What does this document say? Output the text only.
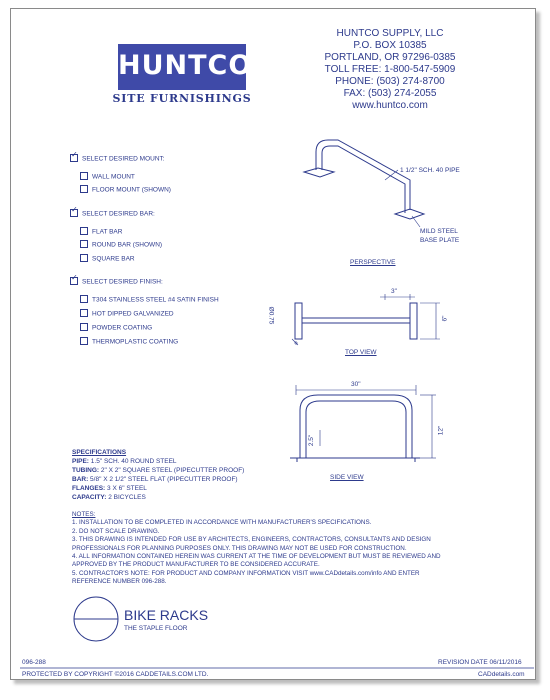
HUNTCO
SITE FURNISHINGS
HUNTCO SUPPLY, LLC
P.O. BOX 10385
PORTLAND, OR 97296-0385
TOLL FREE: 1-800-547-5909
PHONE: (503) 274-8700
FAX: (503) 274-2055
www.huntco.com
✓SELECT DESIRED MOUNT:
WALL MOUNT
FLOOR MOUNT (SHOWN)
✓SELECT DESIRED BAR:
FLAT BAR
ROUND BAR (SHOWN)
SQUARE BAR
✓SELECT DESIRED FINISH:
T304 STAINLESS STEEL #4 SATIN FINISH
HOT DIPPED GALVANIZED
POWDER COATING
THERMOPLASTIC COATING
PERSPECTIVE
1 1/2" SCH. 40 PIPE
MILD STEEL
BASE PLATE
TOP VIEW
3"
6"
Ø0.75
SIDE VIEW
30"
12"
2.5"
SPECIFICATIONS
PIPE: 1.5" SCH. 40 ROUND STEEL
TUBING: 2" X 2" SQUARE STEEL (PIPECUTTER PROOF)
BAR: 5/8" X 2 1/2" STEEL FLAT (PIPECUTTER PROOF)
FLANGES: 3 X 6" STEEL
CAPACITY: 2 BICYCLES
NOTES:
1. INSTALLATION TO BE COMPLETED IN ACCORDANCE WITH MANUFACTURER'S SPECIFICATIONS.
2. DO NOT SCALE DRAWING.
3. THIS DRAWING IS INTENDED FOR USE BY ARCHITECTS, ENGINEERS, CONTRACTORS, CONSULTANTS AND DESIGN
PROFESSIONALS FOR PLANNING PURPOSES ONLY. THIS DRAWING MAY NOT BE USED FOR CONSTRUCTION.
4. ALL INFORMATION CONTAINED HEREIN WAS CURRENT AT THE TIME OF DEVELOPMENT BUT MUST BE REVIEWED AND
APPROVED BY THE PRODUCT MANUFACTURER TO BE CONSIDERED ACCURATE.
5. CONTRACTOR'S NOTE: FOR PRODUCT AND COMPANY INFORMATION VISIT www.CADdetails.com/info AND ENTER
REFERENCE NUMBER 096-288.
BIKE RACKS
THE STAPLE FLOOR
096-288	REVISION DATE 06/11/2016
PROTECTED BY COPYRIGHT ©2016 CADDETAILS.COM LTD.	CADdetails.com
